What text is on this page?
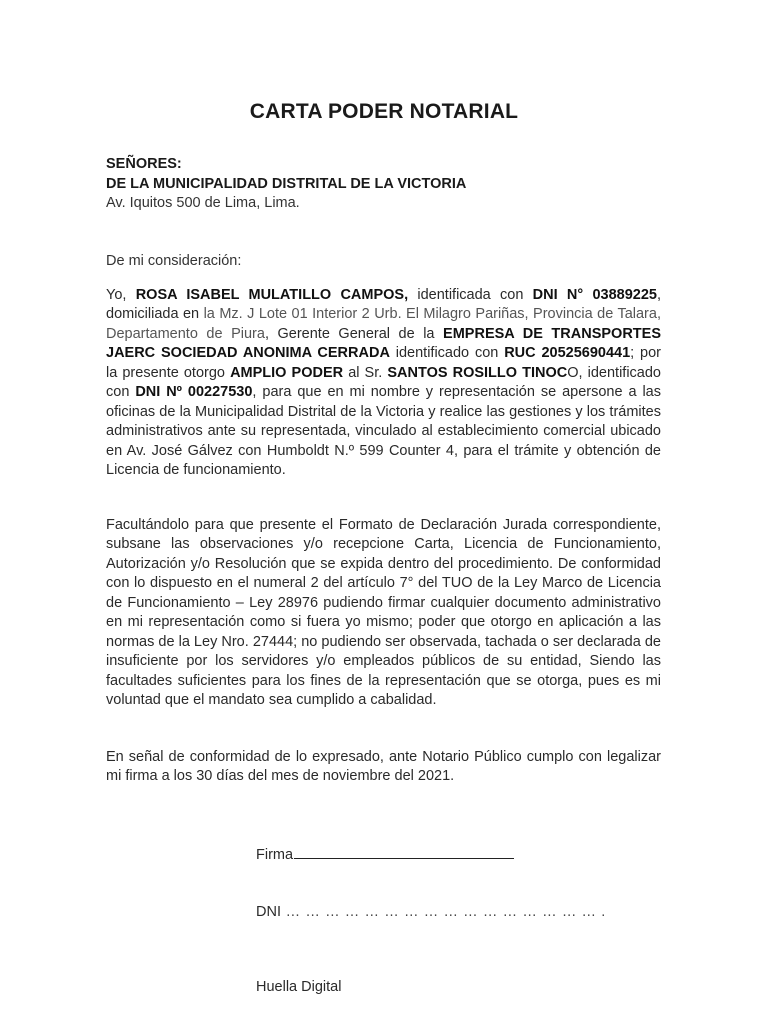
CARTA PODER NOTARIAL
SEÑORES:
DE LA MUNICIPALIDAD DISTRITAL DE LA VICTORIA
Av. Iquitos 500 de Lima, Lima.
De mi consideración:
Yo, ROSA ISABEL MULATILLO CAMPOS, identificada con DNI N° 03889225, domiciliada en la Mz. J Lote 01 Interior 2 Urb. El Milagro Pariñas, Provincia de Talara, Departamento de Piura, Gerente General de la EMPRESA DE TRANSPORTES JAERC SOCIEDAD ANONIMA CERRADA identificado con RUC 20525690441; por la presente otorgo AMPLIO PODER al Sr. SANTOS ROSILLO TINOCO, identificado con DNI Nº 00227530, para que en mi nombre y representación se apersone a las oficinas de la Municipalidad Distrital de la Victoria y realice las gestiones y los trámites administrativos ante su representada, vinculado al establecimiento comercial ubicado en Av. José Gálvez con Humboldt N.º 599 Counter 4, para el trámite y obtención de Licencia de funcionamiento.
Facultándolo para que presente el Formato de Declaración Jurada correspondiente, subsane las observaciones y/o recepcione Carta, Licencia de Funcionamiento, Autorización y/o Resolución que se expida dentro del procedimiento. De conformidad con lo dispuesto en el numeral 2 del artículo 7° del TUO de la Ley Marco de Licencia de Funcionamiento – Ley 28976 pudiendo firmar cualquier documento administrativo en mi representación como si fuera yo mismo; poder que otorgo en aplicación a las normas de la Ley Nro. 27444; no pudiendo ser observada, tachada o ser declarada de insuficiente por los servidores y/o empleados públicos de su entidad, Siendo las facultades suficientes para los fines de la representación que se otorga, pues es mi voluntad que el mandato sea cumplido a cabalidad.
En señal de conformidad de lo expresado, ante Notario Público cumplo con legalizar mi firma a los 30 días del mes de noviembre del 2021.
Firma
DNI … … … … … … … … … … … … … … … … .
Huella Digital
